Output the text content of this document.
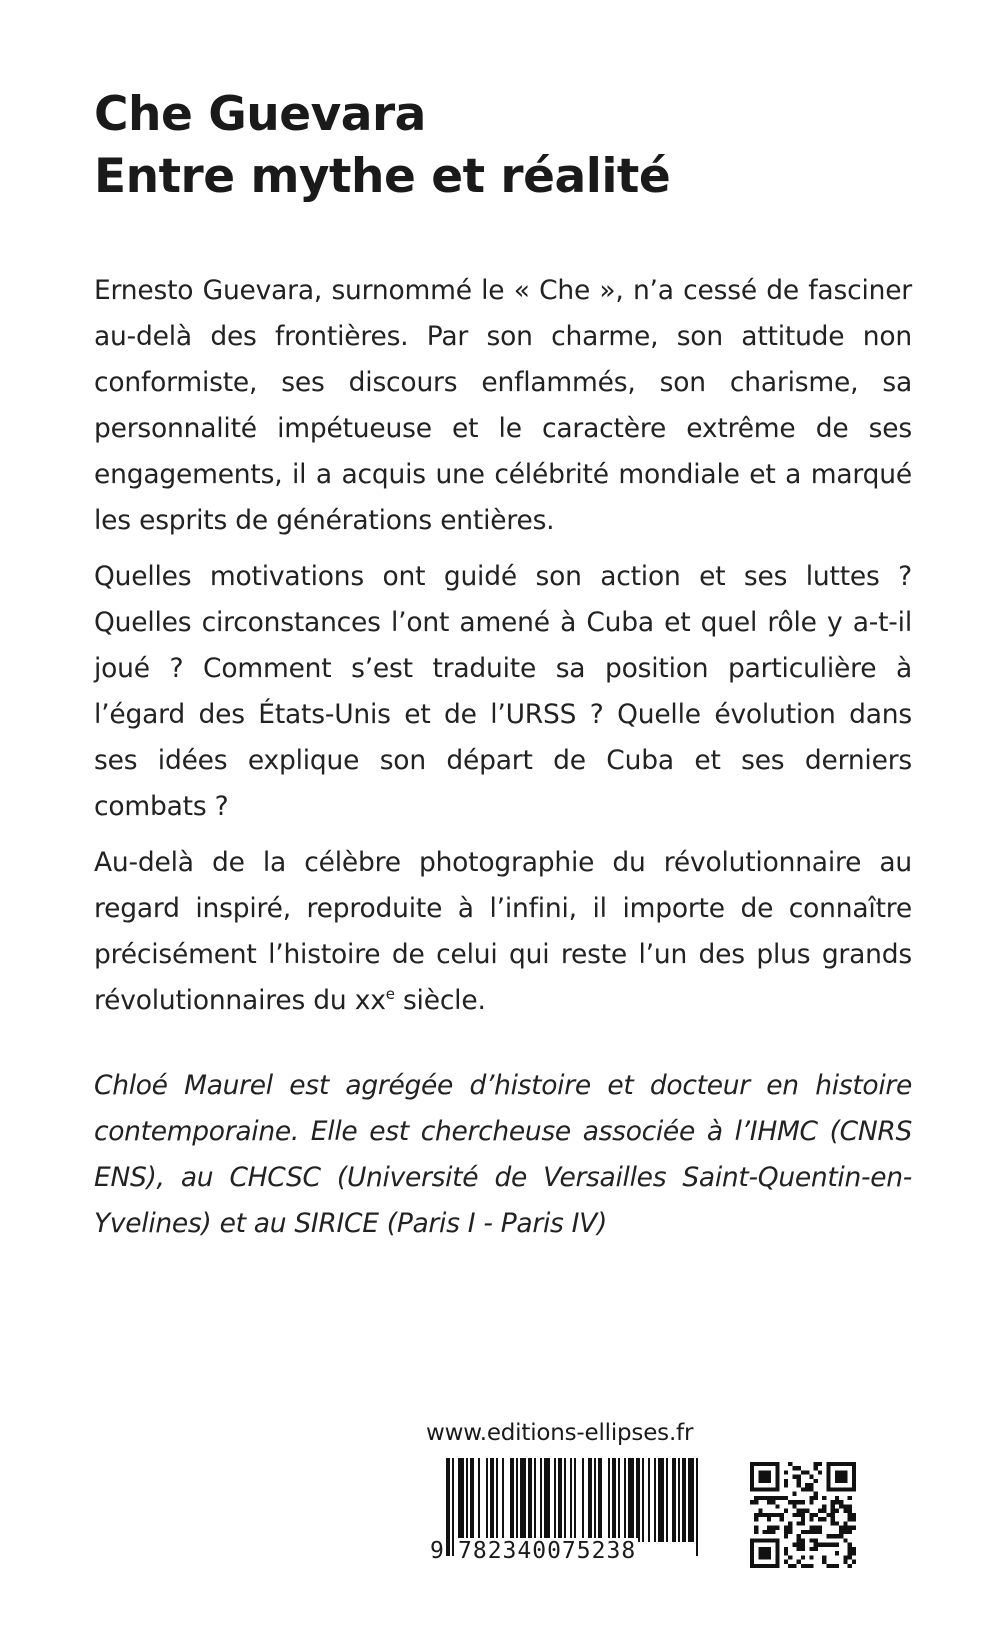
Che Guevara
Entre mythe et réalité

Ernesto Guevara, surnommé le « Che », n’a cessé de fasciner au-delà des frontières. Par son charme, son attitude non conformiste, ses discours enflammés, son charisme, sa personnalité impétueuse et le caractère extrême de ses engagements, il a acquis une célébrité mondiale et a marqué les esprits de générations entières.

Quelles motivations ont guidé son action et ses luttes ? Quelles circonstances l’ont amené à Cuba et quel rôle y a-t-il joué ? Comment s’est traduite sa position particulière à l’égard des États-Unis et de l’URSS ? Quelle évolution dans ses idées explique son départ de Cuba et ses derniers combats ?

Au-delà de la célèbre photographie du révolutionnaire au regard inspiré, reproduite à l’infini, il importe de connaître précisément l’histoire de celui qui reste l’un des plus grands révolutionnaires du $xx^e$ siècle.

Chloé Maurel est agrégée d’histoire et docteur en histoire contemporaine. Elle est chercheuse associée à l’IHMC (CNRS ENS), au CHCSC (Université de Versailles Saint-Quentin-en-Yvelines) et au SIRICE (Paris I - Paris IV)

www.editions-ellipses.fr
9 782340075238
